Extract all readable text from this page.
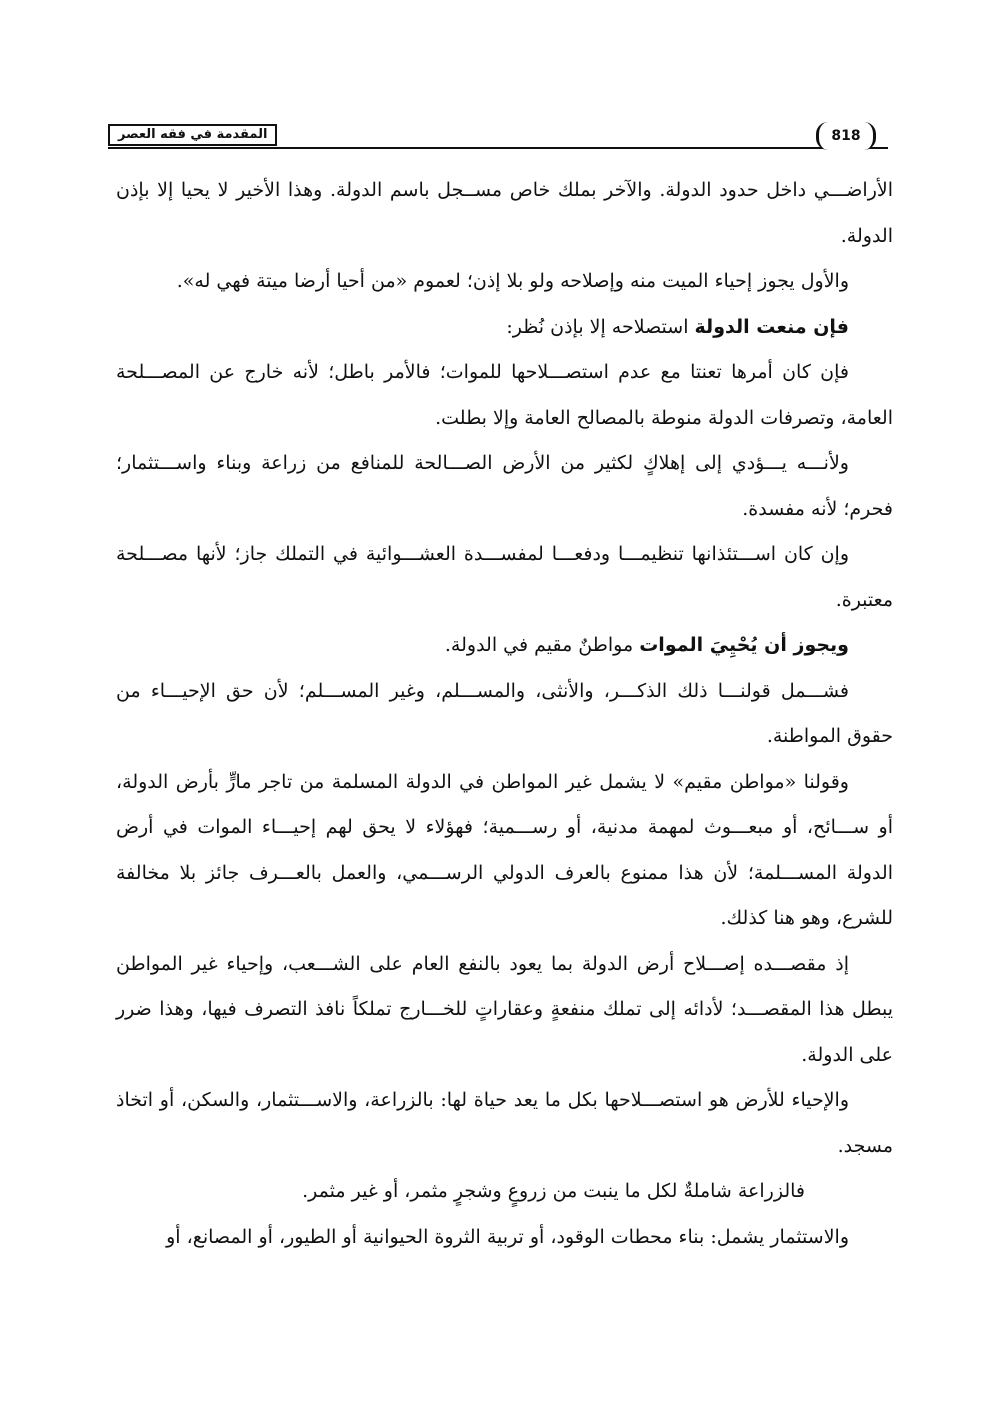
المقدمة في فقه العصر	818

الأراضـــي داخل حدود الدولة. والآخر بملك خاص مســجل باسم الدولة. وهذا الأخير لا يحيا إلا بإذن الدولة.

والأول يجوز إحياء الميت منه وإصلاحه ولو بلا إذن؛ لعموم «من أحيا أرضا ميتة فهي له».

فإن منعت الدولة استصلاحه إلا بإذن نُظر:

فإن كان أمرها تعنتا مع عدم استصـــلاحها للموات؛ فالأمر باطل؛ لأنه خارج عن المصـــلحة العامة، وتصرفات الدولة منوطة بالمصالح العامة وإلا بطلت.

ولأنـــه يـــؤدي إلى إهلاكٍ لكثير من الأرض الصـــالحة للمنافع من زراعة وبناء واســـتثمار؛ فحرم؛ لأنه مفسدة.

وإن كان اســـتئذانها تنظيمـــا ودفعـــا لمفســـدة العشـــوائية في التملك جاز؛ لأنها مصـــلحة معتبرة.

ويجوز أن يُحْيِيَ الموات مواطنٌ مقيم في الدولة.

فشـــمل قولنـــا ذلك الذكـــر، والأنثى، والمســـلم، وغير المســـلم؛ لأن حق الإحيـــاء من حقوق المواطنة.

وقولنا «مواطن مقيم» لا يشمل غير المواطن في الدولة المسلمة من تاجر مارٍّ بأرض الدولة، أو ســـائح، أو مبعـــوث لمهمة مدنية، أو رســـمية؛ فهؤلاء لا يحق لهم إحيـــاء الموات في أرض الدولة المســـلمة؛ لأن هذا ممنوع بالعرف الدولي الرســـمي، والعمل بالعـــرف جائز بلا مخالفة للشرع، وهو هنا كذلك.

إذ مقصـــده إصـــلاح أرض الدولة بما يعود بالنفع العام على الشـــعب، وإحياء غير المواطن يبطل هذا المقصـــد؛ لأدائه إلى تملك منفعةٍ وعقاراتٍ للخـــارج تملكاً نافذ التصرف فيها، وهذا ضرر على الدولة.

والإحياء للأرض هو استصـــلاحها بكل ما يعد حياة لها: بالزراعة، والاســـتثمار، والسكن، أو اتخاذ مسجد.

فالزراعة شاملةٌ لكل ما ينبت من زروعٍ وشجرٍ مثمر، أو غير مثمر.

والاستثمار يشمل: بناء محطات الوقود، أو تربية الثروة الحيوانية أو الطيور، أو المصانع، أو
